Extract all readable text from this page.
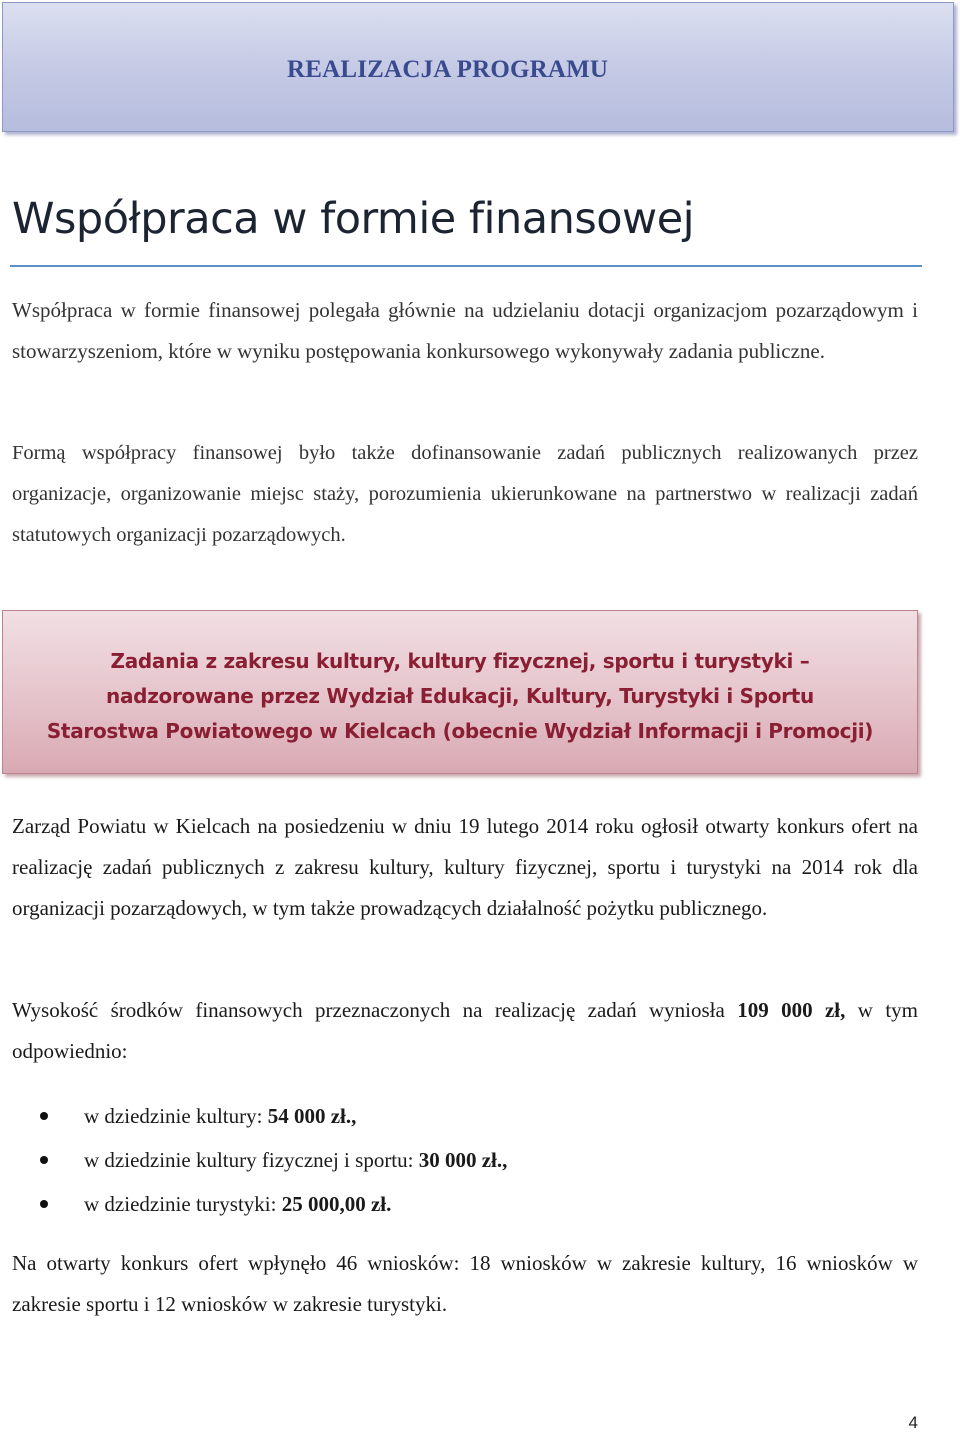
REALIZACJA PROGRAMU
Współpraca w formie finansowej

Współpraca w formie finansowej polegała głównie na udzielaniu dotacji organizacjom pozarządowym i stowarzyszeniom, które w wyniku postępowania konkursowego wykonywały zadania publiczne.

Formą współpracy finansowej było także dofinansowanie zadań publicznych realizowanych przez organizacje, organizowanie miejsc staży, porozumienia ukierunkowane na partnerstwo w realizacji zadań statutowych organizacji pozarządowych.

Zadania z zakresu kultury, kultury fizycznej, sportu i turystyki –
nadzorowane przez Wydział Edukacji, Kultury, Turystyki i Sportu
Starostwa Powiatowego w Kielcach (obecnie Wydział Informacji i Promocji)

Zarząd Powiatu w Kielcach na posiedzeniu w dniu 19 lutego 2014 roku ogłosił otwarty konkurs ofert na realizację zadań publicznych z zakresu kultury, kultury fizycznej, sportu i turystyki na 2014 rok dla organizacji pozarządowych, w tym także prowadzących działalność pożytku publicznego.

Wysokość środków finansowych przeznaczonych na realizację zadań wyniosła 109 000 zł, w tym odpowiednio:

w dziedzinie kultury: 54 000 zł.,
w dziedzinie kultury fizycznej i sportu: 30 000 zł.,
w dziedzinie turystyki: 25 000,00 zł.

Na otwarty konkurs ofert wpłynęło 46 wniosków: 18 wniosków w zakresie kultury, 16 wniosków w zakresie sportu i 12 wniosków w zakresie turystyki.

4
